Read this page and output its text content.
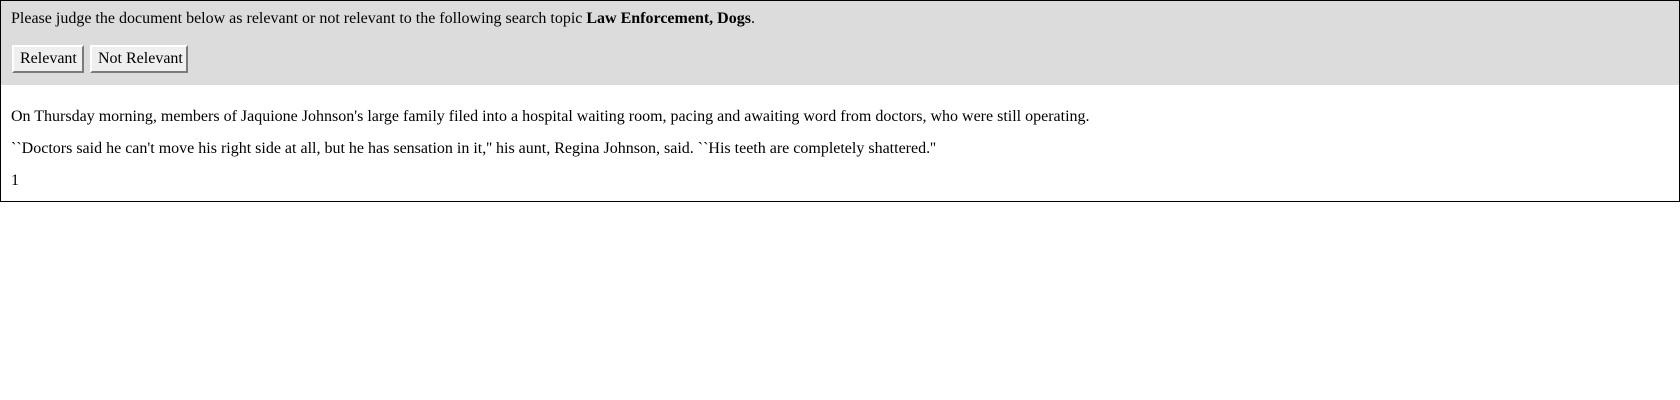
Please judge the document below as relevant or not relevant to the following search topic Law Enforcement, Dogs.
Relevant	Not Relevant
On Thursday morning, members of Jaquione Johnson's large family filed into a hospital waiting room, pacing and awaiting word from doctors, who were still operating.
``Doctors said he can't move his right side at all, but he has sensation in it,'' his aunt, Regina Johnson, said. ``His teeth are completely shattered.''
1
